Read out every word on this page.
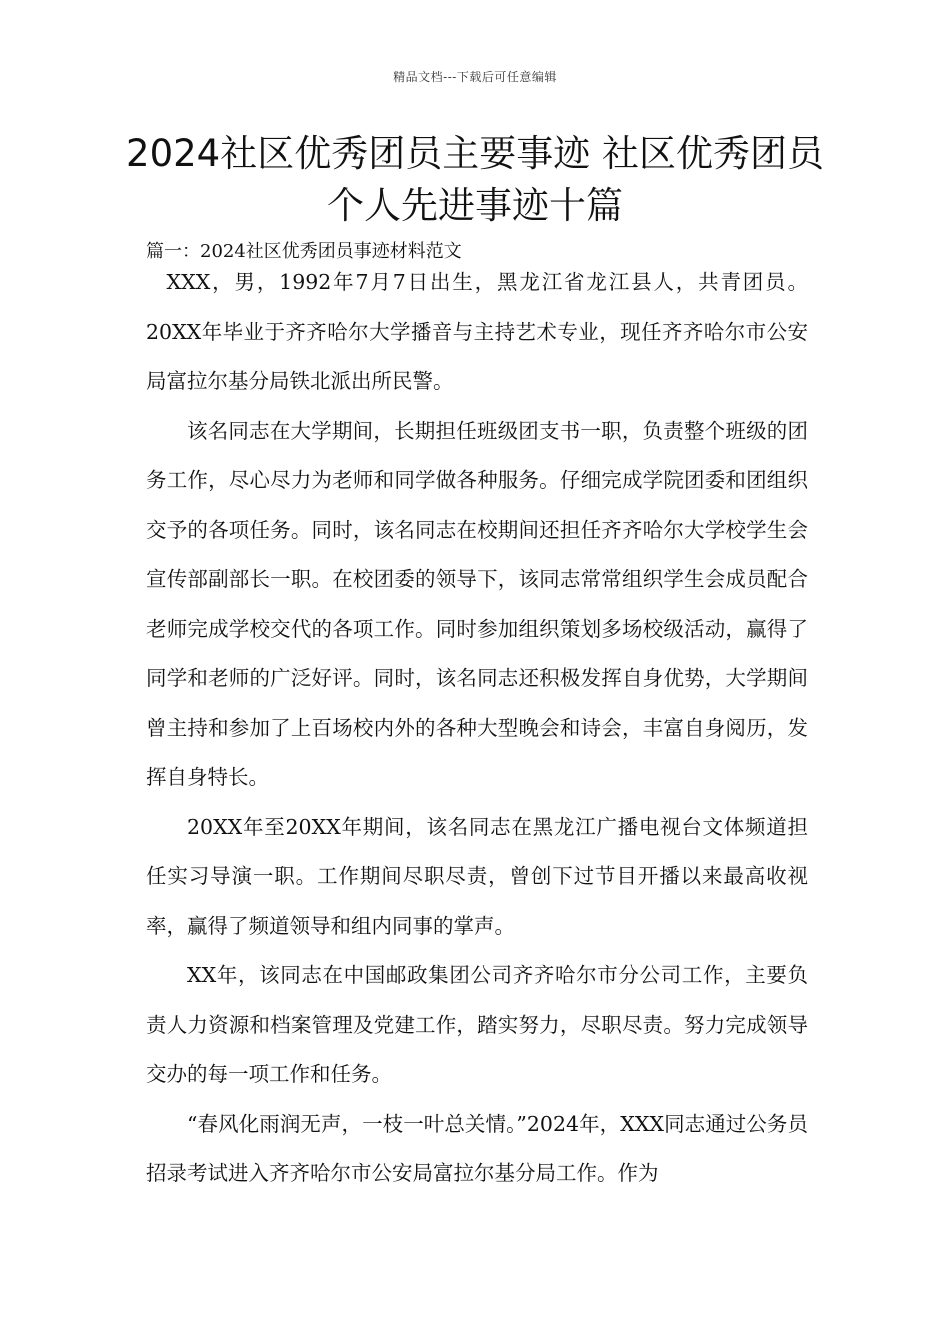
精品文档---下载后可任意编辑
2024社区优秀团员主要事迹 社区优秀团员个人先进事迹十篇
篇一：2024社区优秀团员事迹材料范文

XXX，男，1992年7月7日出生，黑龙江省龙江县人，共青团员。20XX年毕业于齐齐哈尔大学播音与主持艺术专业，现任齐齐哈尔市公安局富拉尔基分局铁北派出所民警。

该名同志在大学期间，长期担任班级团支书一职，负责整个班级的团务工作，尽心尽力为老师和同学做各种服务。仔细完成学院团委和团组织交予的各项任务。同时，该名同志在校期间还担任齐齐哈尔大学校学生会宣传部副部长一职。在校团委的领导下，该同志常常组织学生会成员配合老师完成学校交代的各项工作。同时参加组织策划多场校级活动，赢得了同学和老师的广泛好评。同时，该名同志还积极发挥自身优势，大学期间曾主持和参加了上百场校内外的各种大型晚会和诗会，丰富自身阅历，发挥自身特长。

20XX年至20XX年期间，该名同志在黑龙江广播电视台文体频道担任实习导演一职。工作期间尽职尽责，曾创下过节目开播以来最高收视率，赢得了频道领导和组内同事的掌声。

XX年，该同志在中国邮政集团公司齐齐哈尔市分公司工作，主要负责人力资源和档案管理及党建工作，踏实努力，尽职尽责。努力完成领导交办的每一项工作和任务。

“春风化雨润无声，一枝一叶总关情。”2024年，XXX同志通过公务员招录考试进入齐齐哈尔市公安局富拉尔基分局工作。作为
